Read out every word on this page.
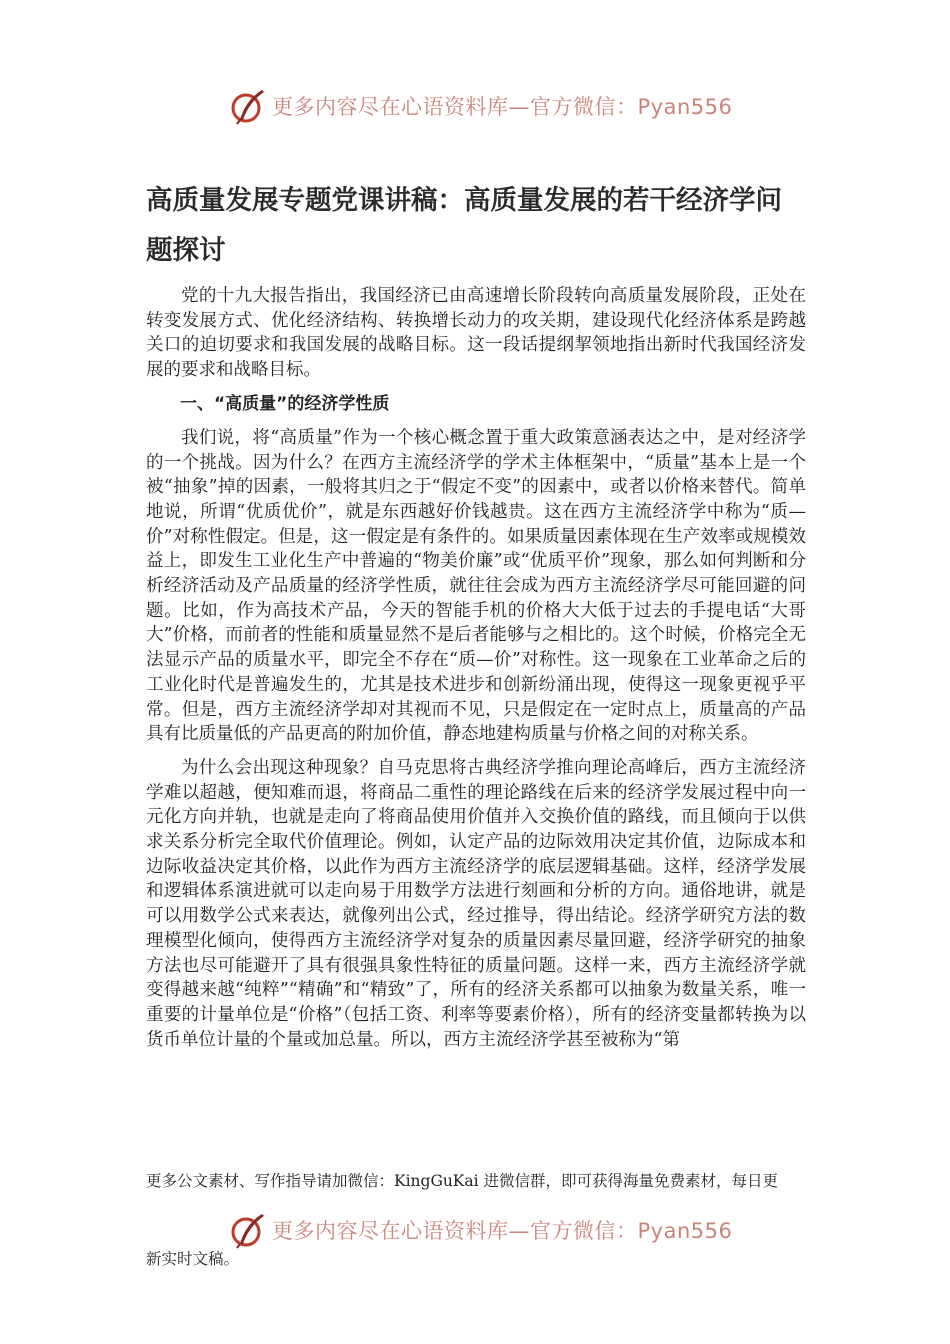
更多内容尽在心语资料库—官方微信：Pyan556
高质量发展专题党课讲稿：高质量发展的若干经济学问题探讨

党的十九大报告指出，我国经济已由高速增长阶段转向高质量发展阶段，正处在转变发展方式、优化经济结构、转换增长动力的攻关期，建设现代化经济体系是跨越关口的迫切要求和我国发展的战略目标。这一段话提纲挈领地指出新时代我国经济发展的要求和战略目标。

一、“高质量”的经济学性质

我们说，将“高质量”作为一个核心概念置于重大政策意涵表达之中，是对经济学的一个挑战。因为什么？在西方主流经济学的学术主体框架中，“质量”基本上是一个被“抽象”掉的因素，一般将其归之于“假定不变”的因素中，或者以价格来替代。简单地说，所谓“优质优价”，就是东西越好价钱越贵。这在西方主流经济学中称为“质—价”对称性假定。但是，这一假定是有条件的。如果质量因素体现在生产效率或规模效益上，即发生工业化生产中普遍的“物美价廉”或“优质平价”现象，那么如何判断和分析经济活动及产品质量的经济学性质，就往往会成为西方主流经济学尽可能回避的问题。比如，作为高技术产品，今天的智能手机的价格大大低于过去的手提电话“大哥大”价格，而前者的性能和质量显然不是后者能够与之相比的。这个时候，价格完全无法显示产品的质量水平，即完全不存在“质—价”对称性。这一现象在工业革命之后的工业化时代是普遍发生的，尤其是技术进步和创新纷涌出现，使得这一现象更视乎平常。但是，西方主流经济学却对其视而不见，只是假定在一定时点上，质量高的产品具有比质量低的产品更高的附加价值，静态地建构质量与价格之间的对称关系。

为什么会出现这种现象？自马克思将古典经济学推向理论高峰后，西方主流经济学难以超越，便知难而退，将商品二重性的理论路线在后来的经济学发展过程中向一元化方向并轨，也就是走向了将商品使用价值并入交换价值的路线，而且倾向于以供求关系分析完全取代价值理论。例如，认定产品的边际效用决定其价值，边际成本和边际收益决定其价格，以此作为西方主流经济学的底层逻辑基础。这样，经济学发展和逻辑体系演进就可以走向易于用数学方法进行刻画和分析的方向。通俗地讲，就是可以用数学公式来表达，就像列出公式，经过推导，得出结论。经济学研究方法的数理模型化倾向，使得西方主流经济学对复杂的质量因素尽量回避，经济学研究的抽象方法也尽可能避开了具有很强具象性特征的质量问题。这样一来，西方主流经济学就变得越来越“纯粹”“精确”和“精致”了，所有的经济关系都可以抽象为数量关系，唯一重要的计量单位是“价格”（包括工资、利率等要素价格），所有的经济变量都转换为以货币单位计量的个量或加总量。所以，西方主流经济学甚至被称为“第

更多公文素材、写作指导请加微信：KingGuKai 进微信群，即可获得海量免费素材，每日更
更多内容尽在心语资料库—官方微信：Pyan556
新实时文稿。
